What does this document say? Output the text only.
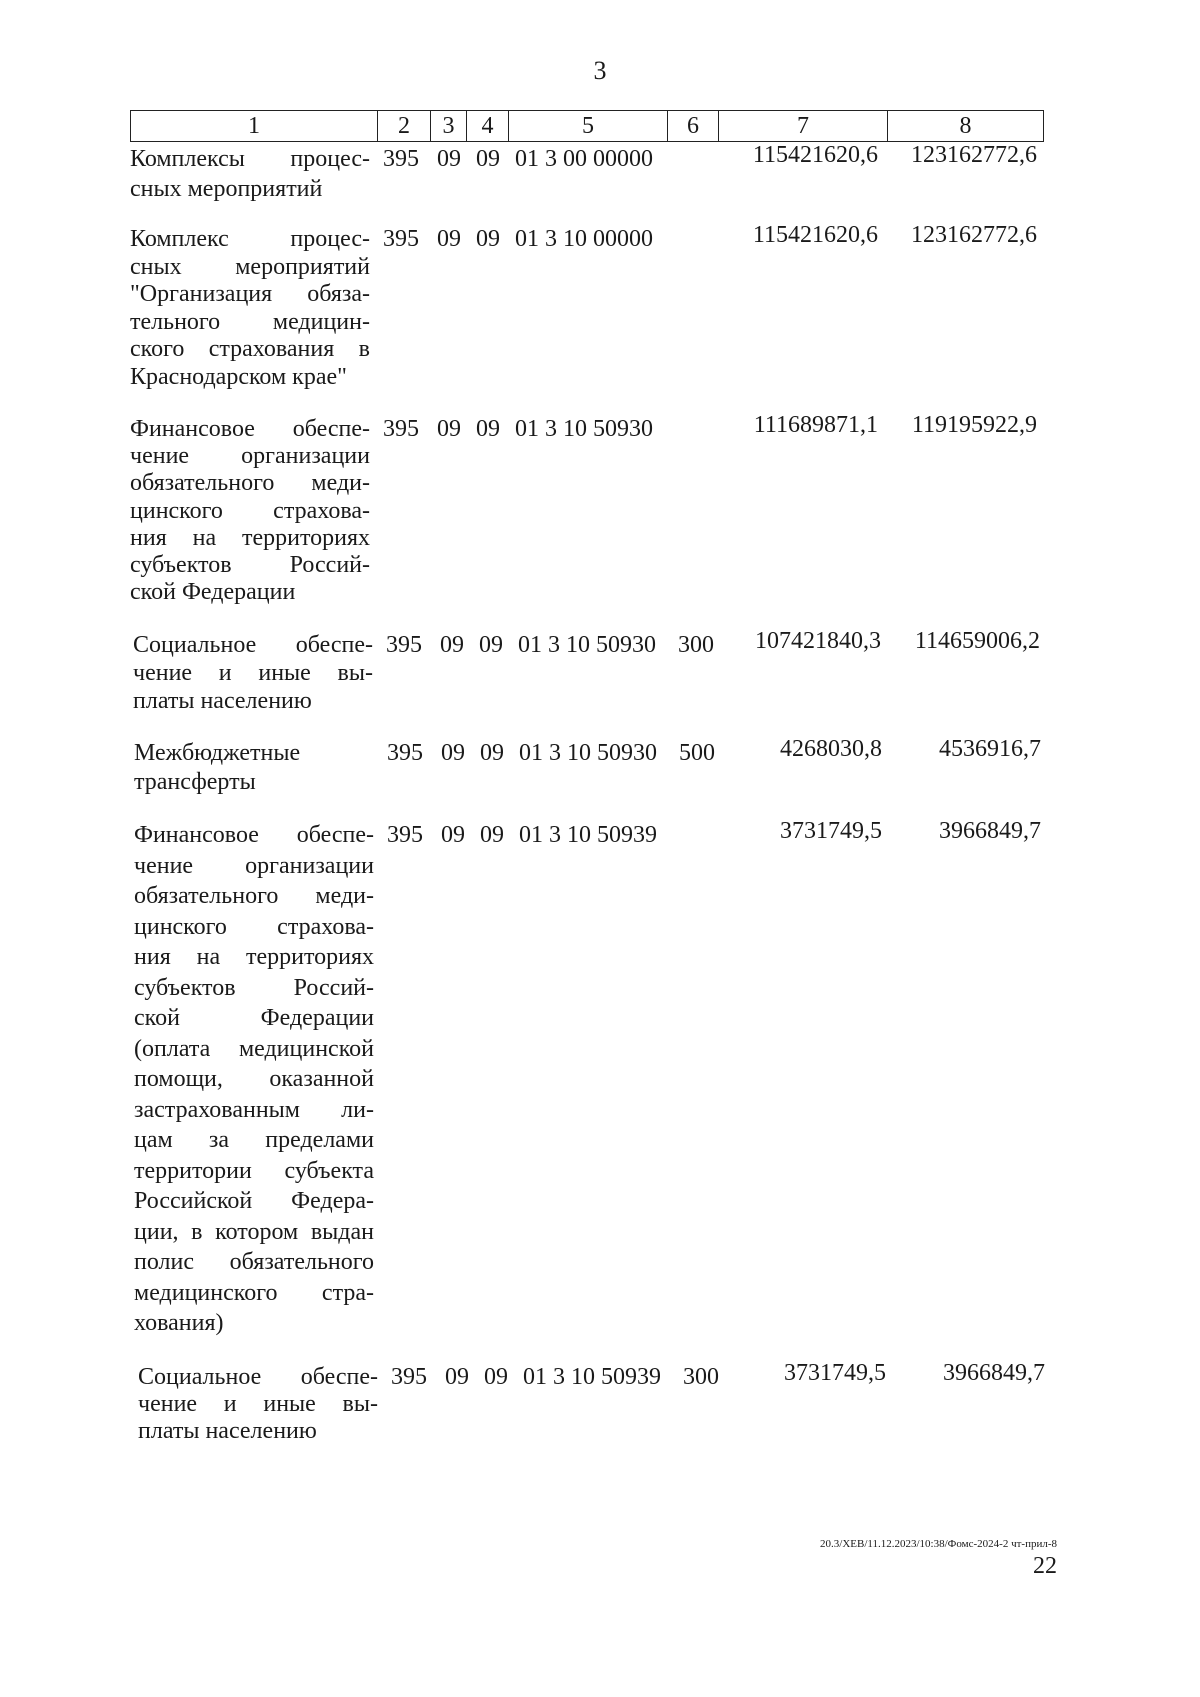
3
1	2	3	4	5	6	7	8
Комплексы процес-
сных мероприятий
395 09 09 01 3 00 00000	115421620,6	123162772,6
Комплекс процес-
сных мероприятий
"Организация обяза-
тельного медицин-
ского страхования в
Краснодарском крае"
395 09 09 01 3 10 00000	115421620,6	123162772,6
Финансовое обеспе-
чение организации
обязательного меди-
цинского страхова-
ния на территориях
субъектов Россий-
ской Федерации
395 09 09 01 3 10 50930	111689871,1	119195922,9
Социальное обеспе-
чение и иные вы-
платы населению
395 09 09 01 3 10 50930 300	107421840,3	114659006,2
Межбюджетные
трансферты
395 09 09 01 3 10 50930 500	4268030,8	4536916,7
Финансовое обеспе-
чение организации
обязательного меди-
цинского страхова-
ния на территориях
субъектов Россий-
ской Федерации
(оплата медицинской
помощи, оказанной
застрахованным ли-
цам за пределами
территории субъекта
Российской Федера-
ции, в котором выдан
полис обязательного
медицинского стра-
хования)
395 09 09 01 3 10 50939	3731749,5	3966849,7
Социальное обеспе-
чение и иные вы-
платы населению
395 09 09 01 3 10 50939 300	3731749,5	3966849,7
20.3/ХЕВ/11.12.2023/10:38/Фомс-2024-2 чт-прил-8
22
